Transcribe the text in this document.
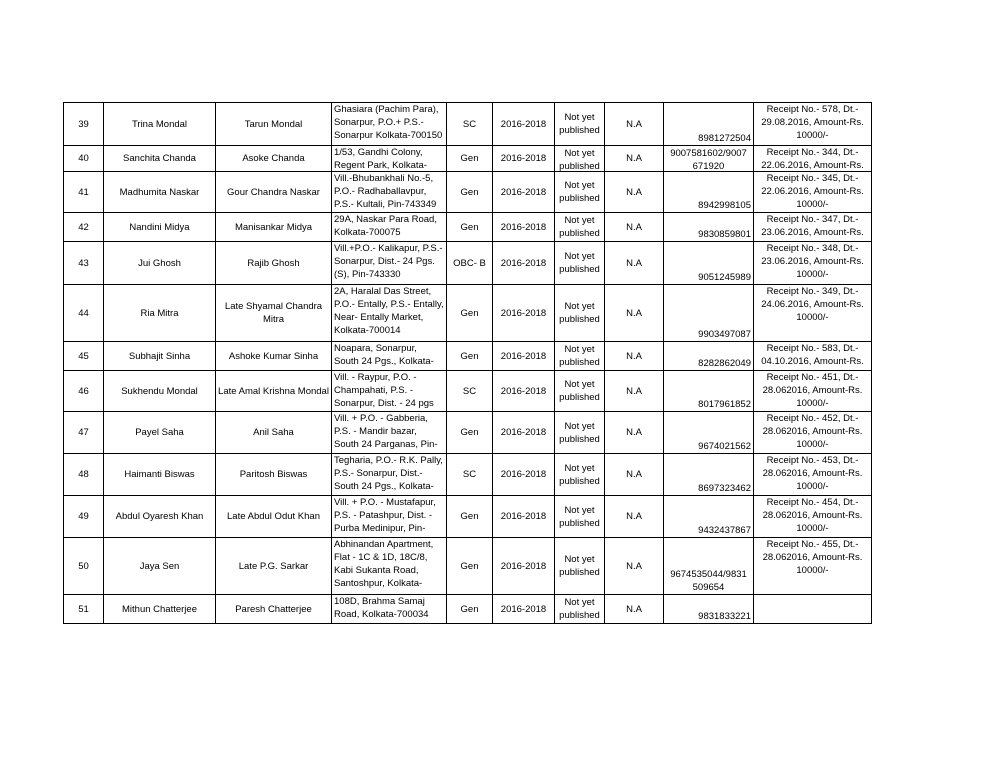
39	Trina Mondal	Tarun Mondal	Ghasiara (Pachim Para), Sonarpur, P.O.+ P.S.- Sonarpur Kolkata-700150	SC	2016-2018	Not yet published	N.A	8981272504	Receipt No.- 578, Dt.- 29.08.2016, Amount-Rs. 10000/-

40	Sanchita Chanda	Asoke Chanda	1/53, Gandhi Colony, Regent Park, Kolkata-	Gen	2016-2018	Not yet published	N.A	9007581602/9007 671920	Receipt No.- 344, Dt.- 22.06.2016, Amount-Rs.

41	Madhumita Naskar	Gour Chandra Naskar	Vill.-Bhubankhali No.-5, P.O.- Radhaballavpur, P.S.- Kultali, Pin-743349	Gen	2016-2018	Not yet published	N.A	8942998105	Receipt No.- 345, Dt.- 22.06.2016, Amount-Rs. 10000/-

42	Nandini Midya	Manisankar Midya	29A, Naskar Para Road, Kolkata-700075	Gen	2016-2018	Not yet published	N.A	9830859801	Receipt No.- 347, Dt.- 23.06.2016, Amount-Rs.

43	Jui Ghosh	Rajib Ghosh	Vill.+P.O.- Kalikapur, P.S.- Sonarpur, Dist.- 24 Pgs.(S), Pin-743330	OBC- B	2016-2018	Not yet published	N.A	9051245989	Receipt No.- 348, Dt.- 23.06.2016, Amount-Rs. 10000/-

44	Ria Mitra	Late Shyamal Chandra Mitra	2A, Haralal Das Street, P.O.- Entally, P.S.- Entally, Near- Entally Market, Kolkata-700014	Gen	2016-2018	Not yet published	N.A	9903497087	Receipt No.- 349, Dt.- 24.06.2016, Amount-Rs. 10000/-

45	Subhajit Sinha	Ashoke Kumar Sinha	Noapara, Sonarpur, South 24 Pgs., Kolkata-	Gen	2016-2018	Not yet published	N.A	8282862049	Receipt No.- 583, Dt.- 04.10.2016, Amount-Rs.

46	Sukhendu Mondal	Late Amal Krishna Mondal	Vill. - Raypur, P.O. - Champahati, P.S. - Sonarpur, Dist. - 24 pgs	SC	2016-2018	Not yet published	N.A	8017961852	Receipt No.- 451, Dt.- 28.062016, Amount-Rs. 10000/-

47	Payel Saha	Anil Saha	Vill. + P.O. - Gabberia, P.S. - Mandir bazar, South 24 Parganas, Pin-	Gen	2016-2018	Not yet published	N.A	9674021562	Receipt No.- 452, Dt.- 28.062016, Amount-Rs. 10000/-

48	Haimanti Biswas	Paritosh Biswas	Tegharia, P.O.- R.K. Pally, P.S.- Sonarpur, Dist.- South 24 Pgs., Kolkata-	SC	2016-2018	Not yet published	N.A	8697323462	Receipt No.- 453, Dt.- 28.062016, Amount-Rs. 10000/-

49	Abdul Oyaresh Khan	Late Abdul Odut Khan	Vill. + P.O. - Mustafapur, P.S. - Patashpur, Dist. - Purba Medinipur, Pin-	Gen	2016-2018	Not yet published	N.A	9432437867	Receipt No.- 454, Dt.- 28.062016, Amount-Rs. 10000/-

50	Jaya Sen	Late P.G. Sarkar	Abhinandan Apartment, Flat - 1C & 1D, 18C/8, Kabi Sukanta Road, Santoshpur, Kolkata-	Gen	2016-2018	Not yet published	N.A	9674535044/9831 509654	Receipt No.- 455, Dt.- 28.062016, Amount-Rs. 10000/-

51	Mithun Chatterjee	Paresh Chatterjee	108D, Brahma Samaj Road, Kolkata-700034	Gen	2016-2018	Not yet published	N.A	9831833221	
